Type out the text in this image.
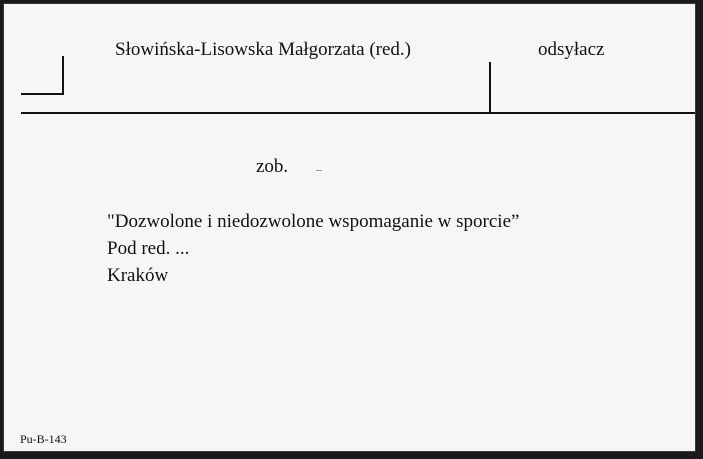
Słowińska-Lisowska Małgorzata (red.)	odsyłacz
zob.
"Dozwolone i niedozwolone wspomaganie w sporcie”
Pod red. ...
Kraków
Pu-B-143
